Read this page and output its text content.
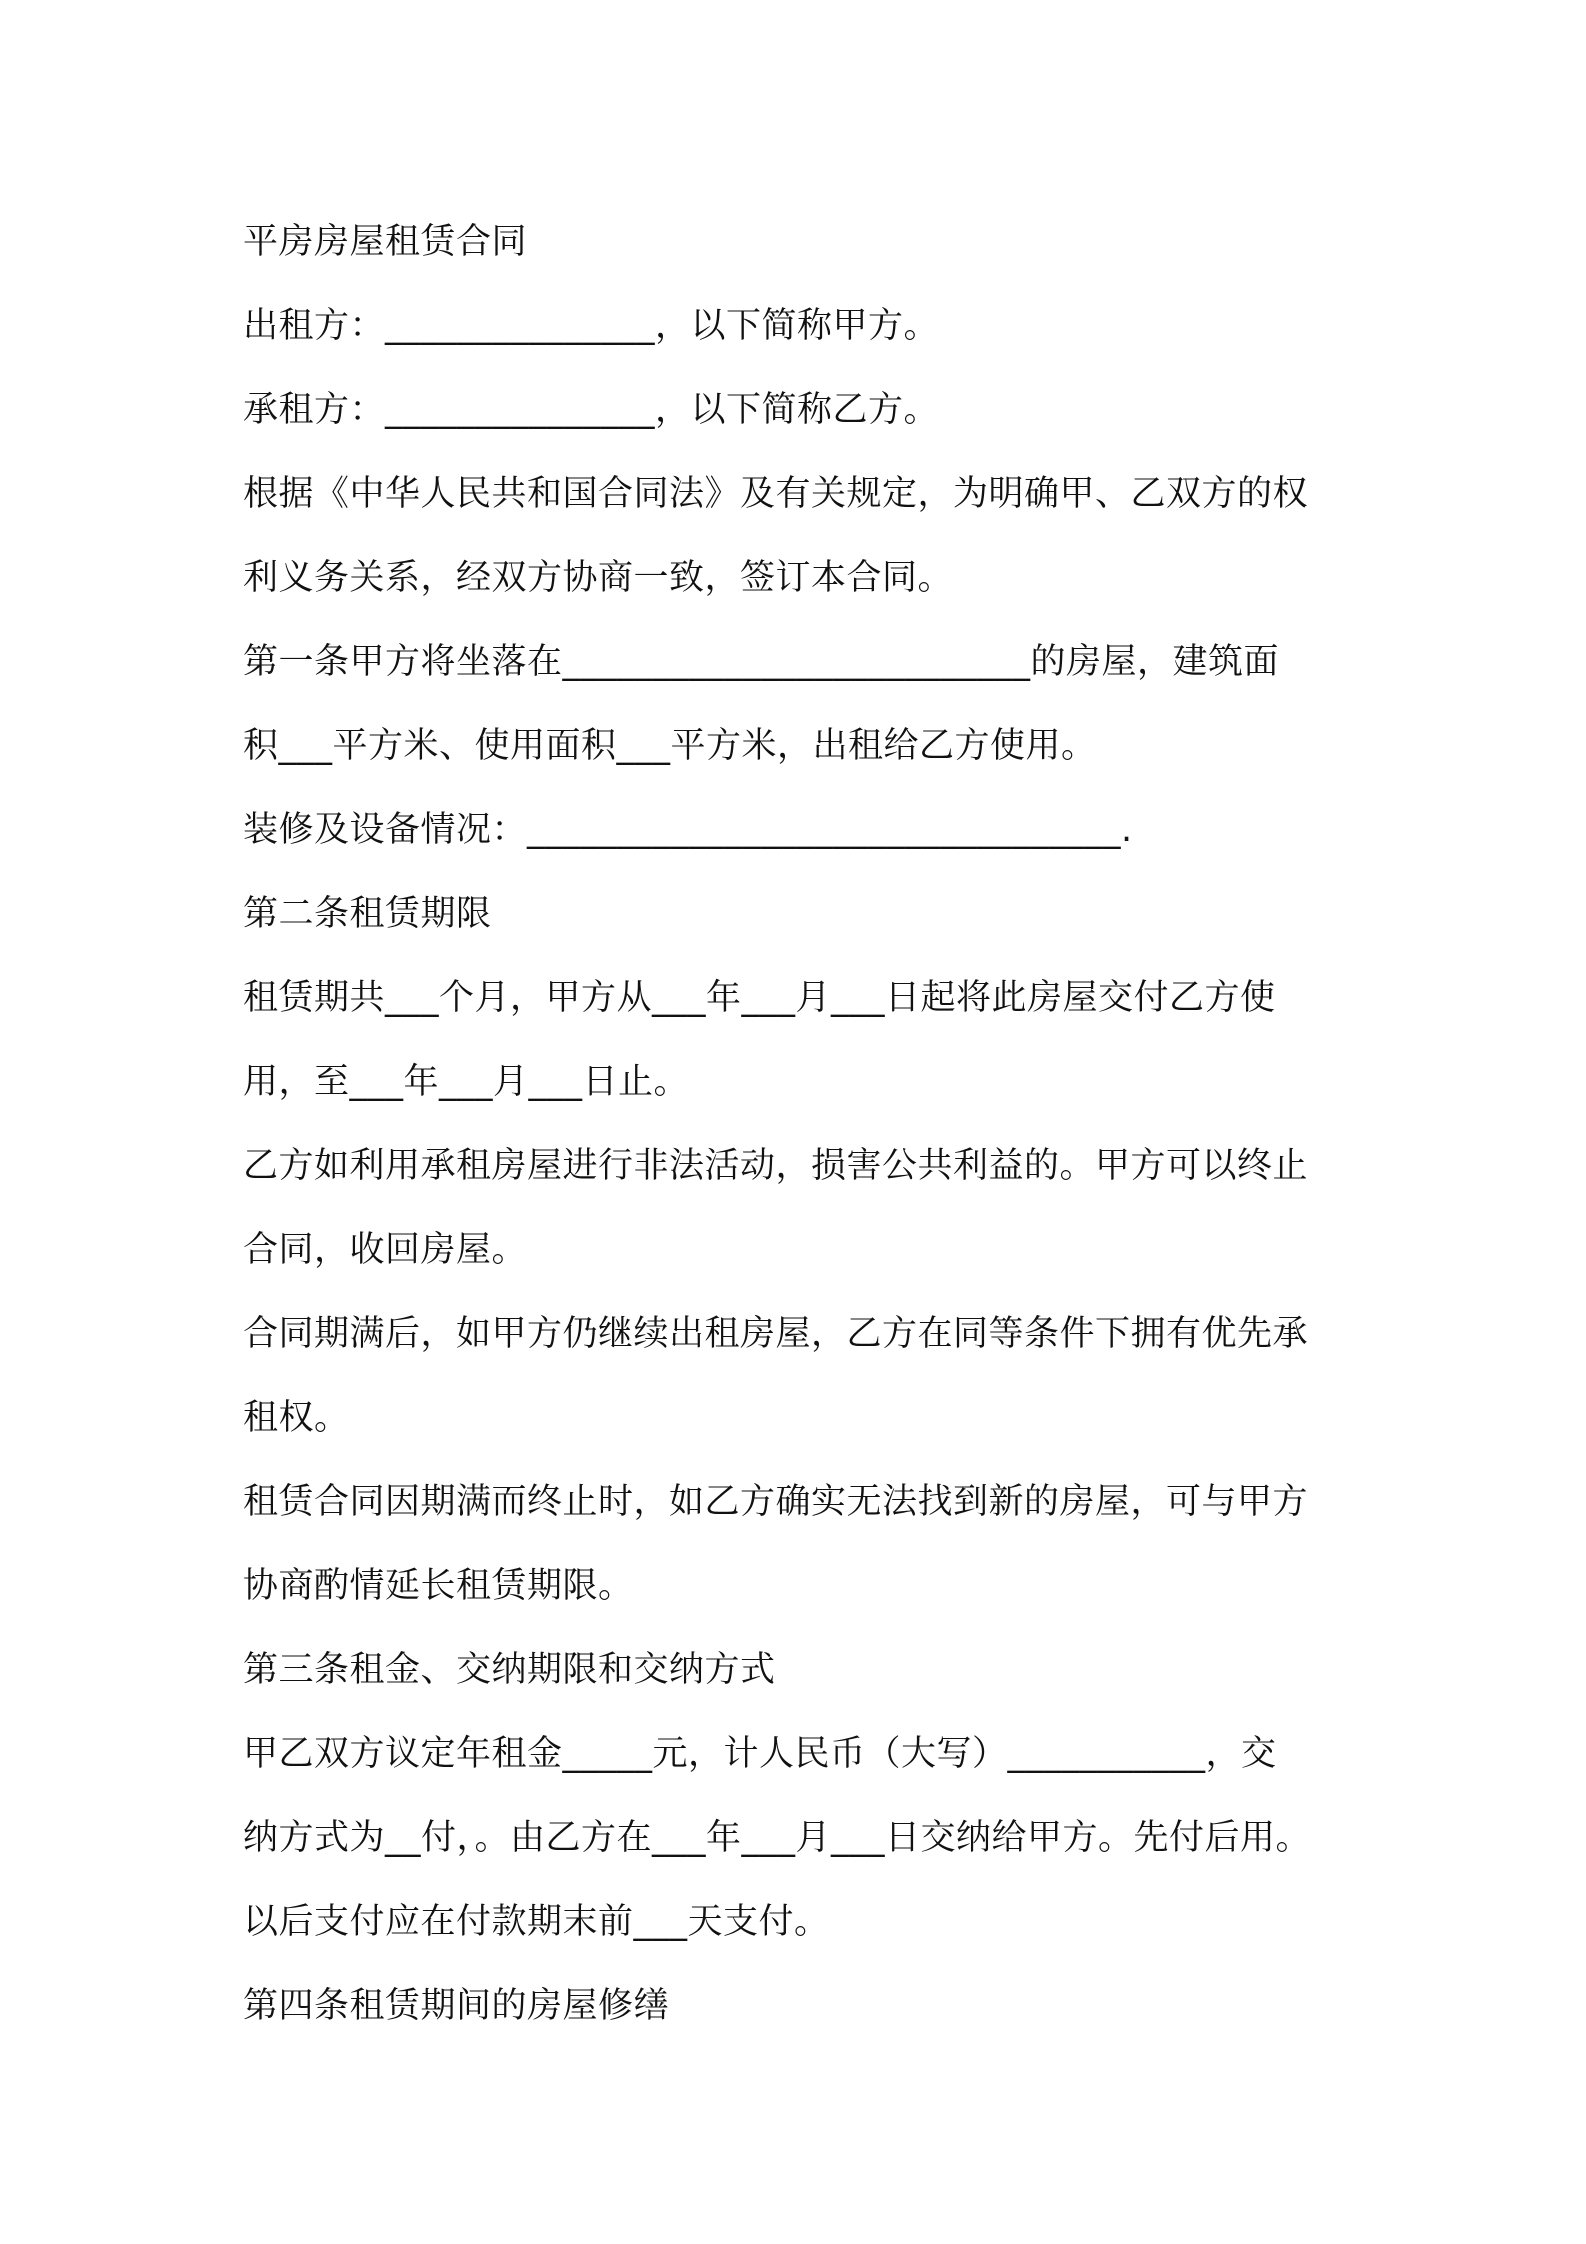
平房房屋租赁合同
出租方：_______________，以下简称甲方。
承租方：_______________，以下简称乙方。
根据《中华人民共和国合同法》及有关规定，为明确甲、乙双方的权
利义务关系，经双方协商一致，签订本合同。
第一条甲方将坐落在__________________________的房屋，建筑面
积___平方米、使用面积___平方米，出租给乙方使用。
装修及设备情况：_________________________________.
第二条租赁期限
租赁期共___个月，甲方从___年___月___日起将此房屋交付乙方使
用，至___年___月___日止。
乙方如利用承租房屋进行非法活动，损害公共利益的。甲方可以终止
合同，收回房屋。
合同期满后，如甲方仍继续出租房屋，乙方在同等条件下拥有优先承
租权。
租赁合同因期满而终止时，如乙方确实无法找到新的房屋，可与甲方
协商酌情延长租赁期限。
第三条租金、交纳期限和交纳方式
甲乙双方议定年租金_____元，计人民币（大写）___________，交
纳方式为__付，。由乙方在___年___月___日交纳给甲方。先付后用。
以后支付应在付款期末前___天支付。
第四条租赁期间的房屋修缮
